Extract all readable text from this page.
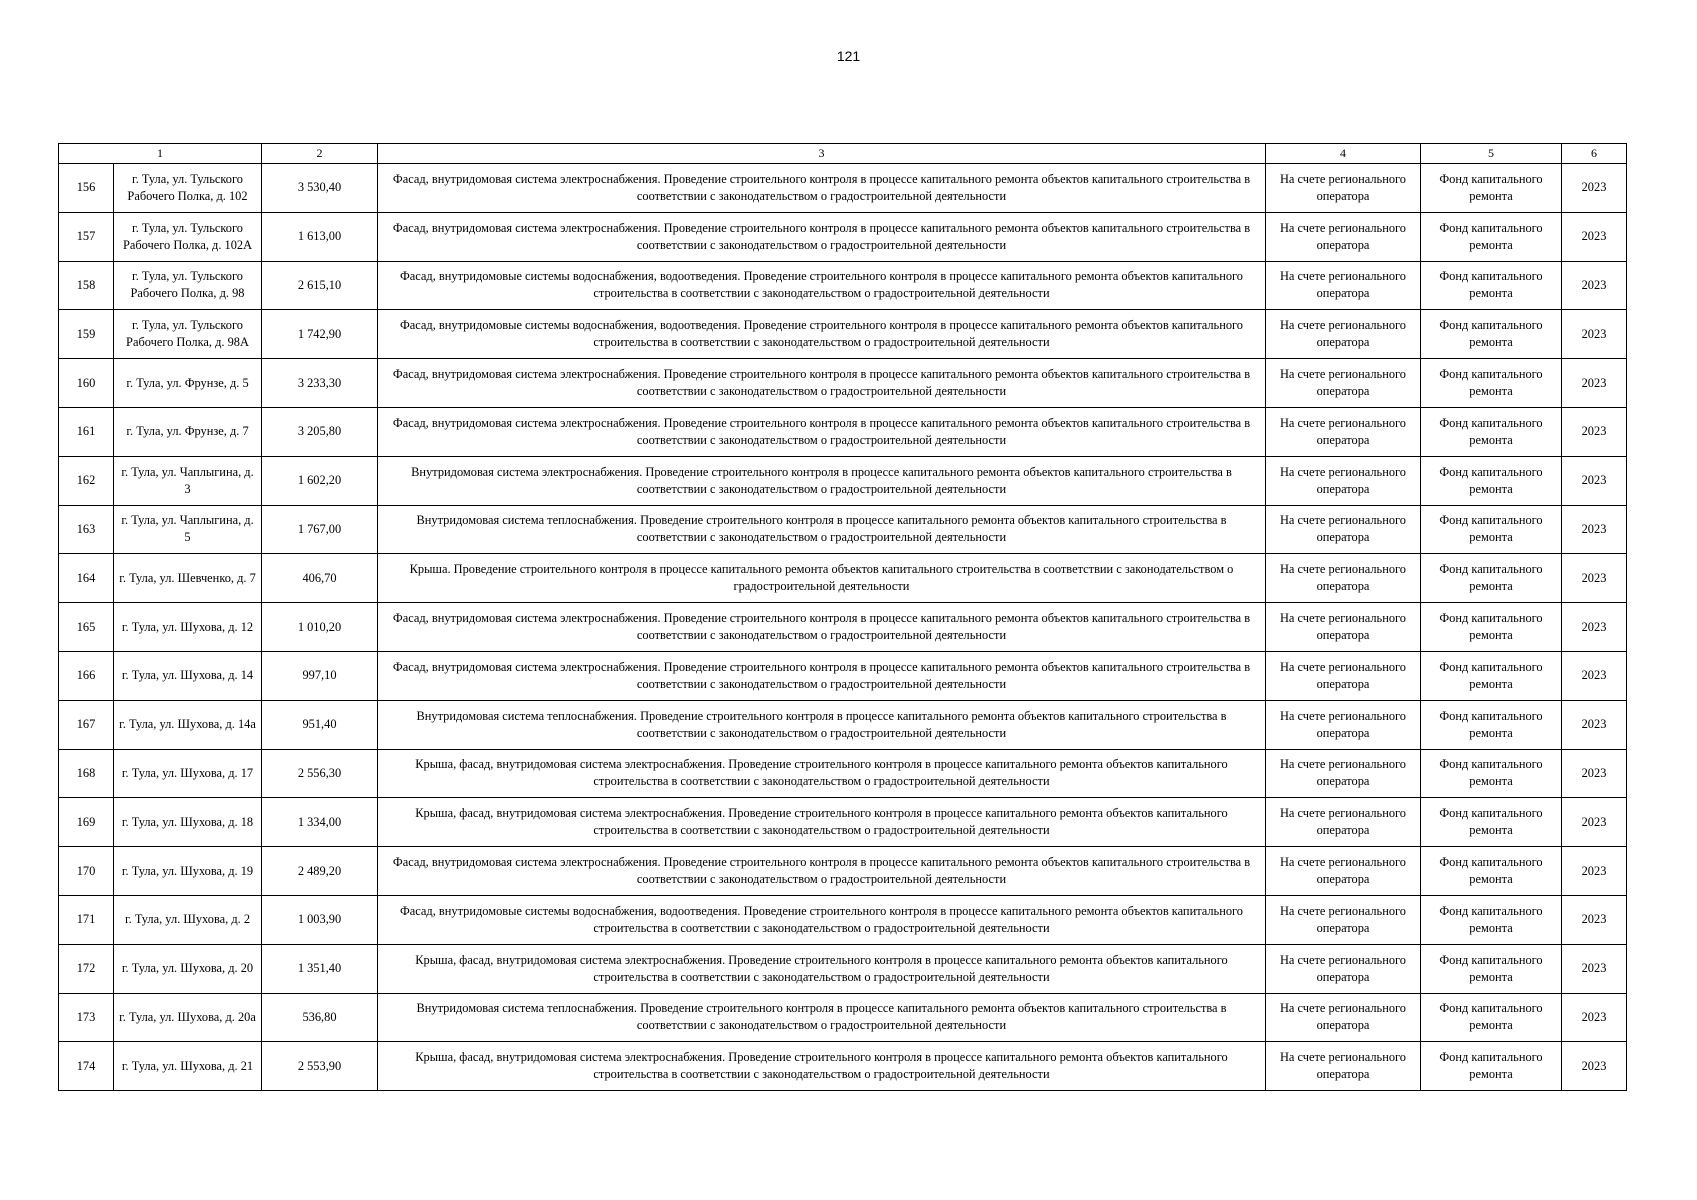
121
1		2	3	4	5	6
156	г. Тула, ул. Тульского Рабочего Полка, д. 102	3 530,40	Фасад, внутридомовая система электроснабжения. Проведение строительного контроля в процессе капитального ремонта объектов капитального строительства в соответствии с законодательством о градостроительной деятельности	На счете регионального оператора	Фонд капитального ремонта	2023
157	г. Тула, ул. Тульского Рабочего Полка, д. 102А	1 613,00	Фасад, внутридомовая система электроснабжения. Проведение строительного контроля в процессе капитального ремонта объектов капитального строительства в соответствии с законодательством о градостроительной деятельности	На счете регионального оператора	Фонд капитального ремонта	2023
158	г. Тула, ул. Тульского Рабочего Полка, д. 98	2 615,10	Фасад, внутридомовые системы водоснабжения, водоотведения. Проведение строительного контроля в процессе капитального ремонта объектов капитального строительства в соответствии с законодательством о градостроительной деятельности	На счете регионального оператора	Фонд капитального ремонта	2023
159	г. Тула, ул. Тульского Рабочего Полка, д. 98А	1 742,90	Фасад, внутридомовые системы водоснабжения, водоотведения. Проведение строительного контроля в процессе капитального ремонта объектов капитального строительства в соответствии с законодательством о градостроительной деятельности	На счете регионального оператора	Фонд капитального ремонта	2023
160	г. Тула, ул. Фрунзе, д. 5	3 233,30	Фасад, внутридомовая система электроснабжения. Проведение строительного контроля в процессе капитального ремонта объектов капитального строительства в соответствии с законодательством о градостроительной деятельности	На счете регионального оператора	Фонд капитального ремонта	2023
161	г. Тула, ул. Фрунзе, д. 7	3 205,80	Фасад, внутридомовая система электроснабжения. Проведение строительного контроля в процессе капитального ремонта объектов капитального строительства в соответствии с законодательством о градостроительной деятельности	На счете регионального оператора	Фонд капитального ремонта	2023
162	г. Тула, ул. Чаплыгина, д. 3	1 602,20	Внутридомовая система электроснабжения. Проведение строительного контроля в процессе капитального ремонта объектов капитального строительства в соответствии с законодательством о градостроительной деятельности	На счете регионального оператора	Фонд капитального ремонта	2023
163	г. Тула, ул. Чаплыгина, д. 5	1 767,00	Внутридомовая система теплоснабжения. Проведение строительного контроля в процессе капитального ремонта объектов капитального строительства в соответствии с законодательством о градостроительной деятельности	На счете регионального оператора	Фонд капитального ремонта	2023
164	г. Тула, ул. Шевченко, д. 7	406,70	Крыша. Проведение строительного контроля в процессе капитального ремонта объектов капитального строительства в соответствии с законодательством о градостроительной деятельности	На счете регионального оператора	Фонд капитального ремонта	2023
165	г. Тула, ул. Шухова, д. 12	1 010,20	Фасад, внутридомовая система электроснабжения. Проведение строительного контроля в процессе капитального ремонта объектов капитального строительства в соответствии с законодательством о градостроительной деятельности	На счете регионального оператора	Фонд капитального ремонта	2023
166	г. Тула, ул. Шухова, д. 14	997,10	Фасад, внутридомовая система электроснабжения. Проведение строительного контроля в процессе капитального ремонта объектов капитального строительства в соответствии с законодательством о градостроительной деятельности	На счете регионального оператора	Фонд капитального ремонта	2023
167	г. Тула, ул. Шухова, д. 14а	951,40	Внутридомовая система теплоснабжения. Проведение строительного контроля в процессе капитального ремонта объектов капитального строительства в соответствии с законодательством о градостроительной деятельности	На счете регионального оператора	Фонд капитального ремонта	2023
168	г. Тула, ул. Шухова, д. 17	2 556,30	Крыша, фасад, внутридомовая система электроснабжения. Проведение строительного контроля в процессе капитального ремонта объектов капитального строительства в соответствии с законодательством о градостроительной деятельности	На счете регионального оператора	Фонд капитального ремонта	2023
169	г. Тула, ул. Шухова, д. 18	1 334,00	Крыша, фасад, внутридомовая система электроснабжения. Проведение строительного контроля в процессе капитального ремонта объектов капитального строительства в соответствии с законодательством о градостроительной деятельности	На счете регионального оператора	Фонд капитального ремонта	2023
170	г. Тула, ул. Шухова, д. 19	2 489,20	Фасад, внутридомовая система электроснабжения. Проведение строительного контроля в процессе капитального ремонта объектов капитального строительства в соответствии с законодательством о градостроительной деятельности	На счете регионального оператора	Фонд капитального ремонта	2023
171	г. Тула, ул. Шухова, д. 2	1 003,90	Фасад, внутридомовые системы водоснабжения, водоотведения. Проведение строительного контроля в процессе капитального ремонта объектов капитального строительства в соответствии с законодательством о градостроительной деятельности	На счете регионального оператора	Фонд капитального ремонта	2023
172	г. Тула, ул. Шухова, д. 20	1 351,40	Крыша, фасад, внутридомовая система электроснабжения. Проведение строительного контроля в процессе капитального ремонта объектов капитального строительства в соответствии с законодательством о градостроительной деятельности	На счете регионального оператора	Фонд капитального ремонта	2023
173	г. Тула, ул. Шухова, д. 20а	536,80	Внутридомовая система теплоснабжения. Проведение строительного контроля в процессе капитального ремонта объектов капитального строительства в соответствии с законодательством о градостроительной деятельности	На счете регионального оператора	Фонд капитального ремонта	2023
174	г. Тула, ул. Шухова, д. 21	2 553,90	Крыша, фасад, внутридомовая система электроснабжения. Проведение строительного контроля в процессе капитального ремонта объектов капитального строительства в соответствии с законодательством о градостроительной деятельности	На счете регионального оператора	Фонд капитального ремонта	2023
